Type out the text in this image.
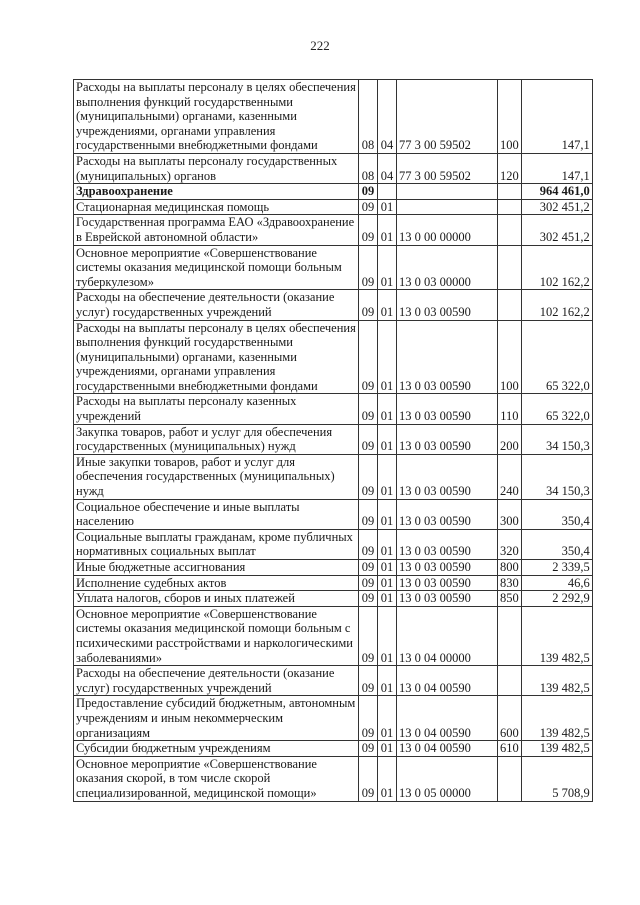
222
Расходы на выплаты персоналу в целях обеспечения выполнения функций государственными (муниципальными) органами, казенными учреждениями, органами управления государственными внебюджетными фондами	08	04	77 3 00 59502	100	147,1
Расходы на выплаты персоналу государственных (муниципальных) органов	08	04	77 3 00 59502	120	147,1
Здравоохранение	09				964 461,0
Стационарная медицинская помощь	09	01			302 451,2
Государственная программа ЕАО «Здравоохранение в Еврейской автономной области»	09	01	13 0 00 00000		302 451,2
Основное мероприятие «Совершенствование системы оказания медицинской помощи больным туберкулезом»	09	01	13 0 03 00000		102 162,2
Расходы на обеспечение деятельности (оказание услуг) государственных учреждений	09	01	13 0 03 00590		102 162,2
Расходы на выплаты персоналу в целях обеспечения выполнения функций государственными (муниципальными) органами, казенными учреждениями, органами управления государственными внебюджетными фондами	09	01	13 0 03 00590	100	65 322,0
Расходы на выплаты персоналу казенных учреждений	09	01	13 0 03 00590	110	65 322,0
Закупка товаров, работ и услуг для обеспечения государственных (муниципальных) нужд	09	01	13 0 03 00590	200	34 150,3
Иные закупки товаров, работ и услуг для обеспечения государственных (муниципальных) нужд	09	01	13 0 03 00590	240	34 150,3
Социальное обеспечение и иные выплаты населению	09	01	13 0 03 00590	300	350,4
Социальные выплаты гражданам, кроме публичных нормативных социальных выплат	09	01	13 0 03 00590	320	350,4
Иные бюджетные ассигнования	09	01	13 0 03 00590	800	2 339,5
Исполнение судебных актов	09	01	13 0 03 00590	830	46,6
Уплата налогов, сборов и иных платежей	09	01	13 0 03 00590	850	2 292,9
Основное мероприятие «Совершенствование системы оказания медицинской помощи больным с психическими расстройствами и наркологическими заболеваниями»	09	01	13 0 04 00000		139 482,5
Расходы на обеспечение деятельности (оказание услуг) государственных учреждений	09	01	13 0 04 00590		139 482,5
Предоставление субсидий бюджетным, автономным учреждениям и иным некоммерческим организациям	09	01	13 0 04 00590	600	139 482,5
Субсидии бюджетным учреждениям	09	01	13 0 04 00590	610	139 482,5
Основное мероприятие «Совершенствование оказания скорой, в том числе скорой специализированной, медицинской помощи»	09	01	13 0 05 00000		5 708,9
